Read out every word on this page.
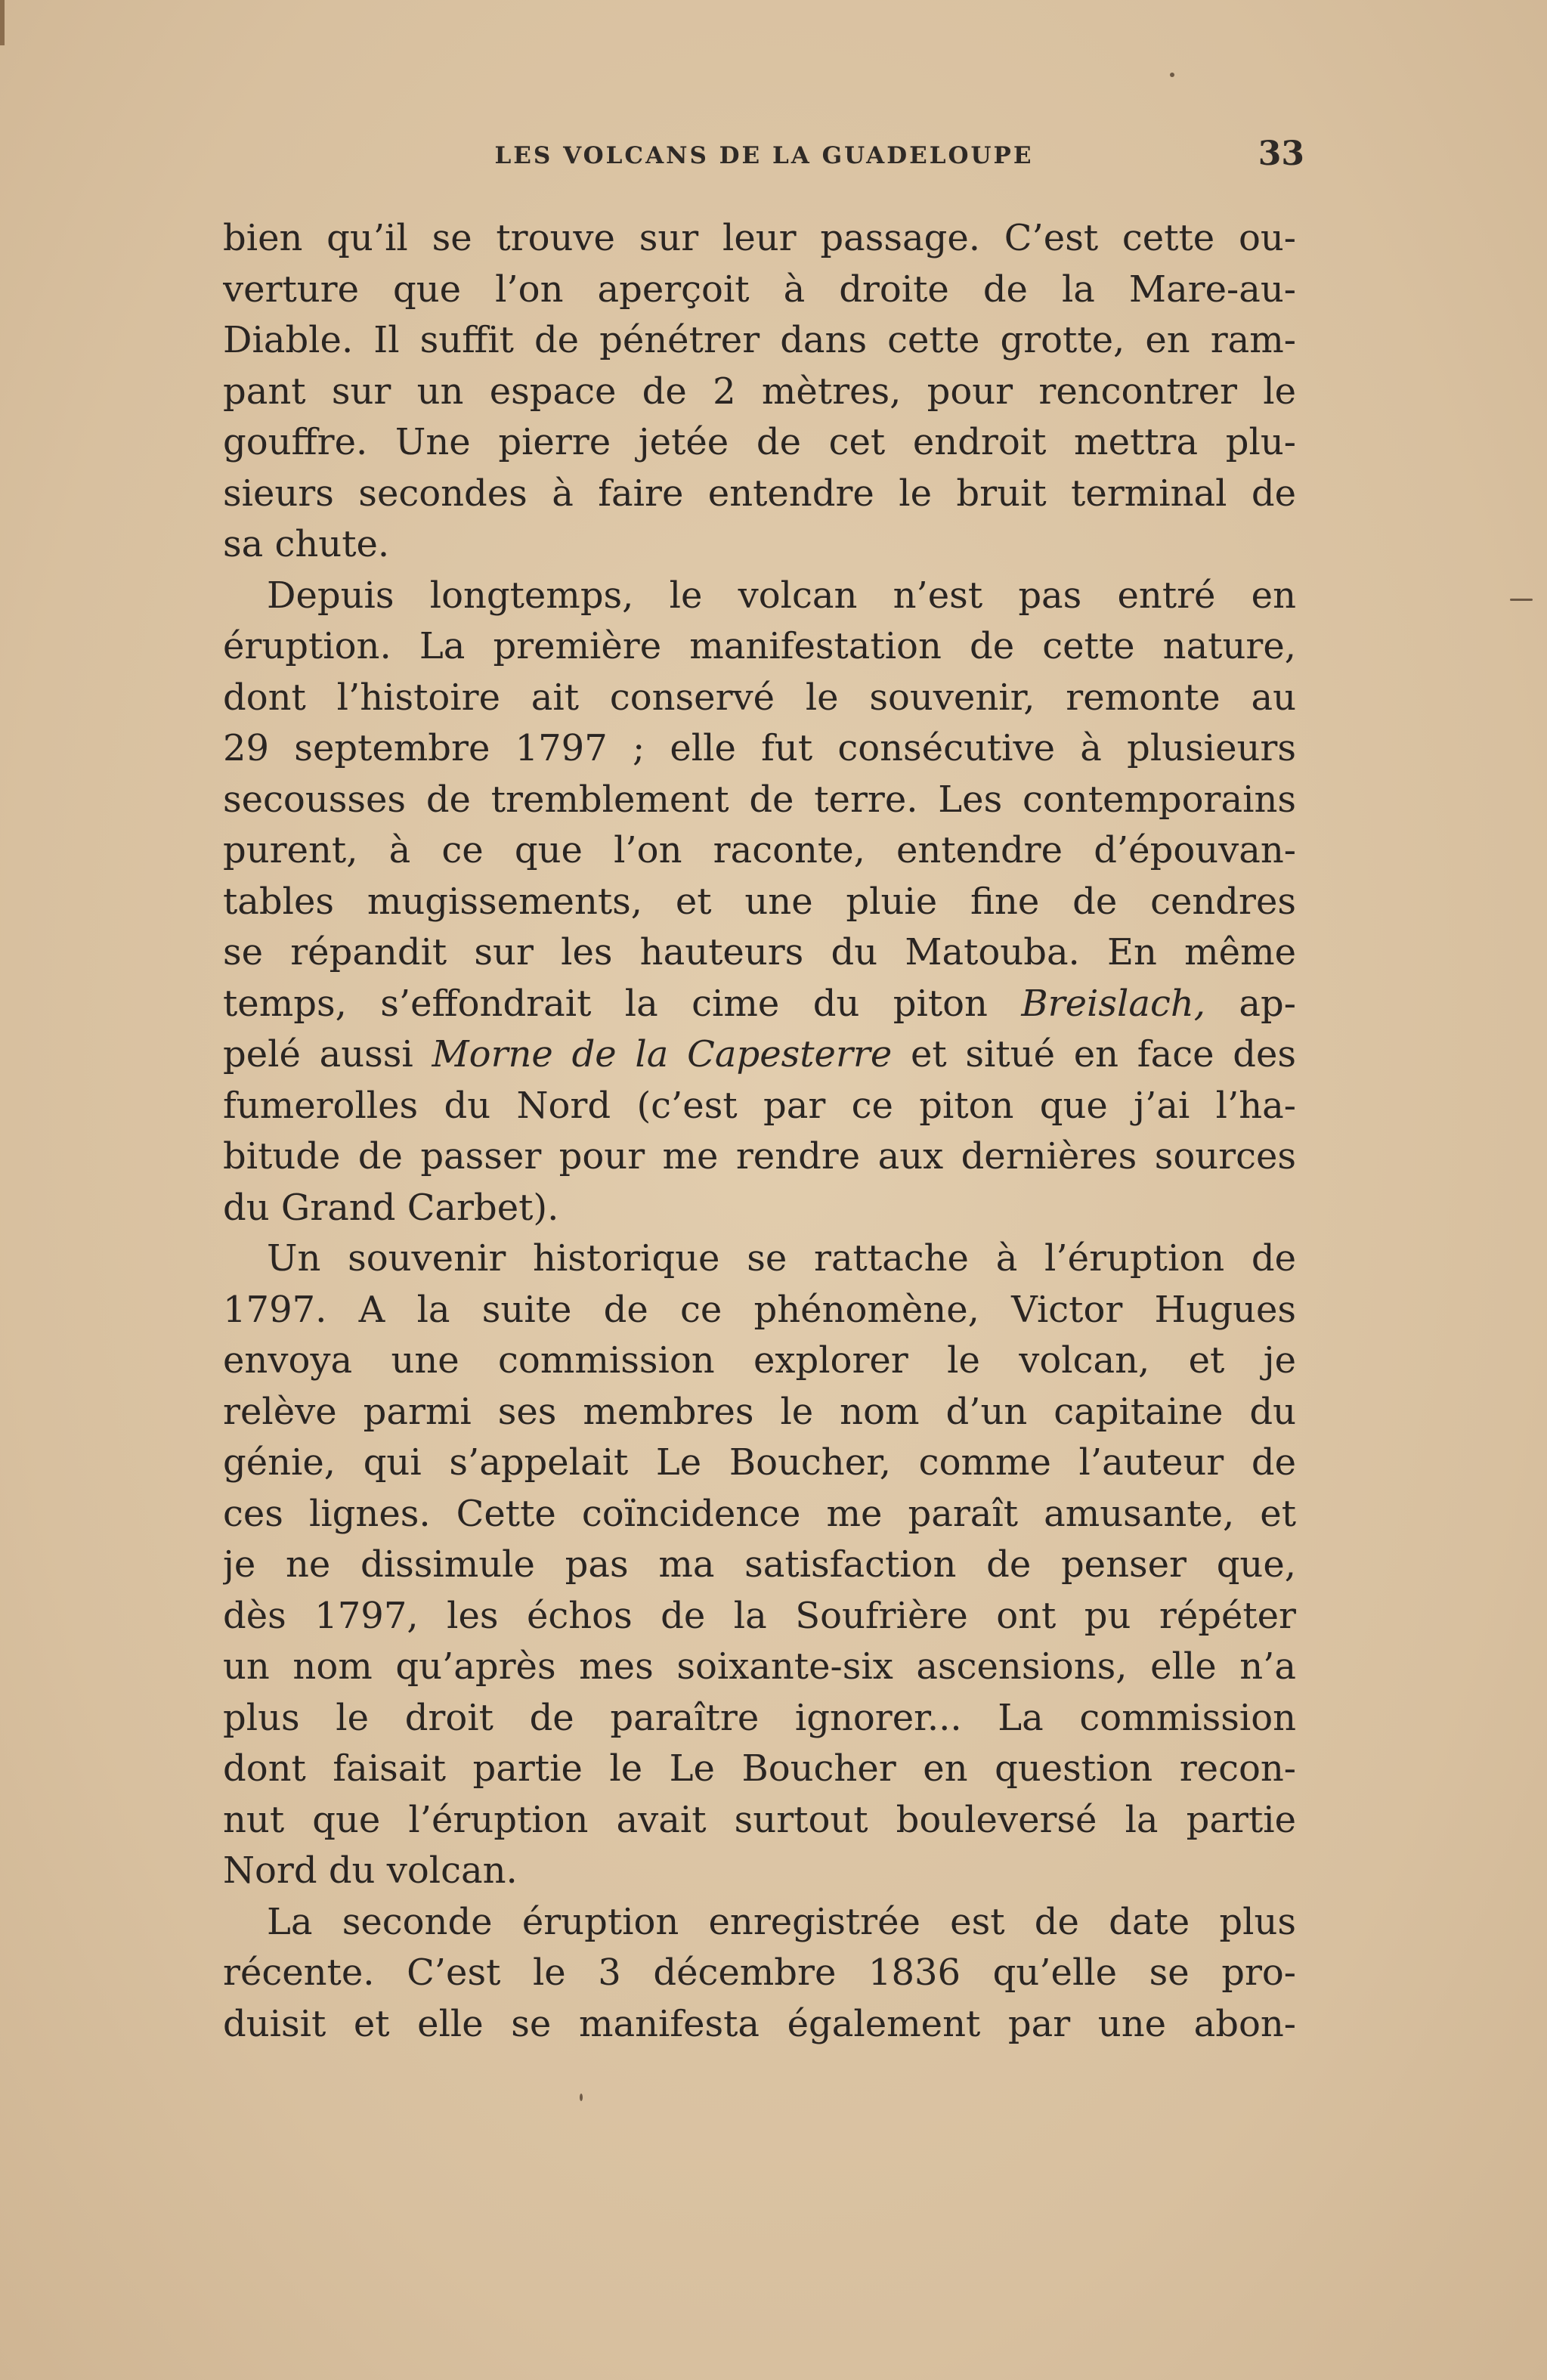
LES VOLCANS DE LA GUADELOUPE	33
bien qu’il se trouve sur leur passage. C’est cette ou-
verture que l’on aperçoit à droite de la Mare-au-
Diable. Il suffit de pénétrer dans cette grotte, en ram-
pant sur un espace de 2 mètres, pour rencontrer le
gouffre. Une pierre jetée de cet endroit mettra plu-
sieurs secondes à faire entendre le bruit terminal de
sa chute.
Depuis longtemps, le volcan n’est pas entré en
éruption. La première manifestation de cette nature,
dont l’histoire ait conservé le souvenir, remonte au
29 septembre 1797 ; elle fut consécutive à plusieurs
secousses de tremblement de terre. Les contemporains
purent, à ce que l’on raconte, entendre d’épouvan-
tables mugissements, et une pluie fine de cendres
se répandit sur les hauteurs du Matouba. En même
temps, s’effondrait la cime du piton Breislach, ap-
pelé aussi Morne de la Capesterre et situé en face des
fumerolles du Nord (c’est par ce piton que j’ai l’ha-
bitude de passer pour me rendre aux dernières sources
du Grand Carbet).
Un souvenir historique se rattache à l’éruption de
1797. A la suite de ce phénomène, Victor Hugues
envoya une commission explorer le volcan, et je
relève parmi ses membres le nom d’un capitaine du
génie, qui s’appelait Le Boucher, comme l’auteur de
ces lignes. Cette coïncidence me paraît amusante, et
je ne dissimule pas ma satisfaction de penser que,
dès 1797, les échos de la Soufrière ont pu répéter
un nom qu’après mes soixante-six ascensions, elle n’a
plus le droit de paraître ignorer... La commission
dont faisait partie le Le Boucher en question recon-
nut que l’éruption avait surtout bouleversé la partie
Nord du volcan.
La seconde éruption enregistrée est de date plus
récente. C’est le 3 décembre 1836 qu’elle se pro-
duisit et elle se manifesta également par une abon-
